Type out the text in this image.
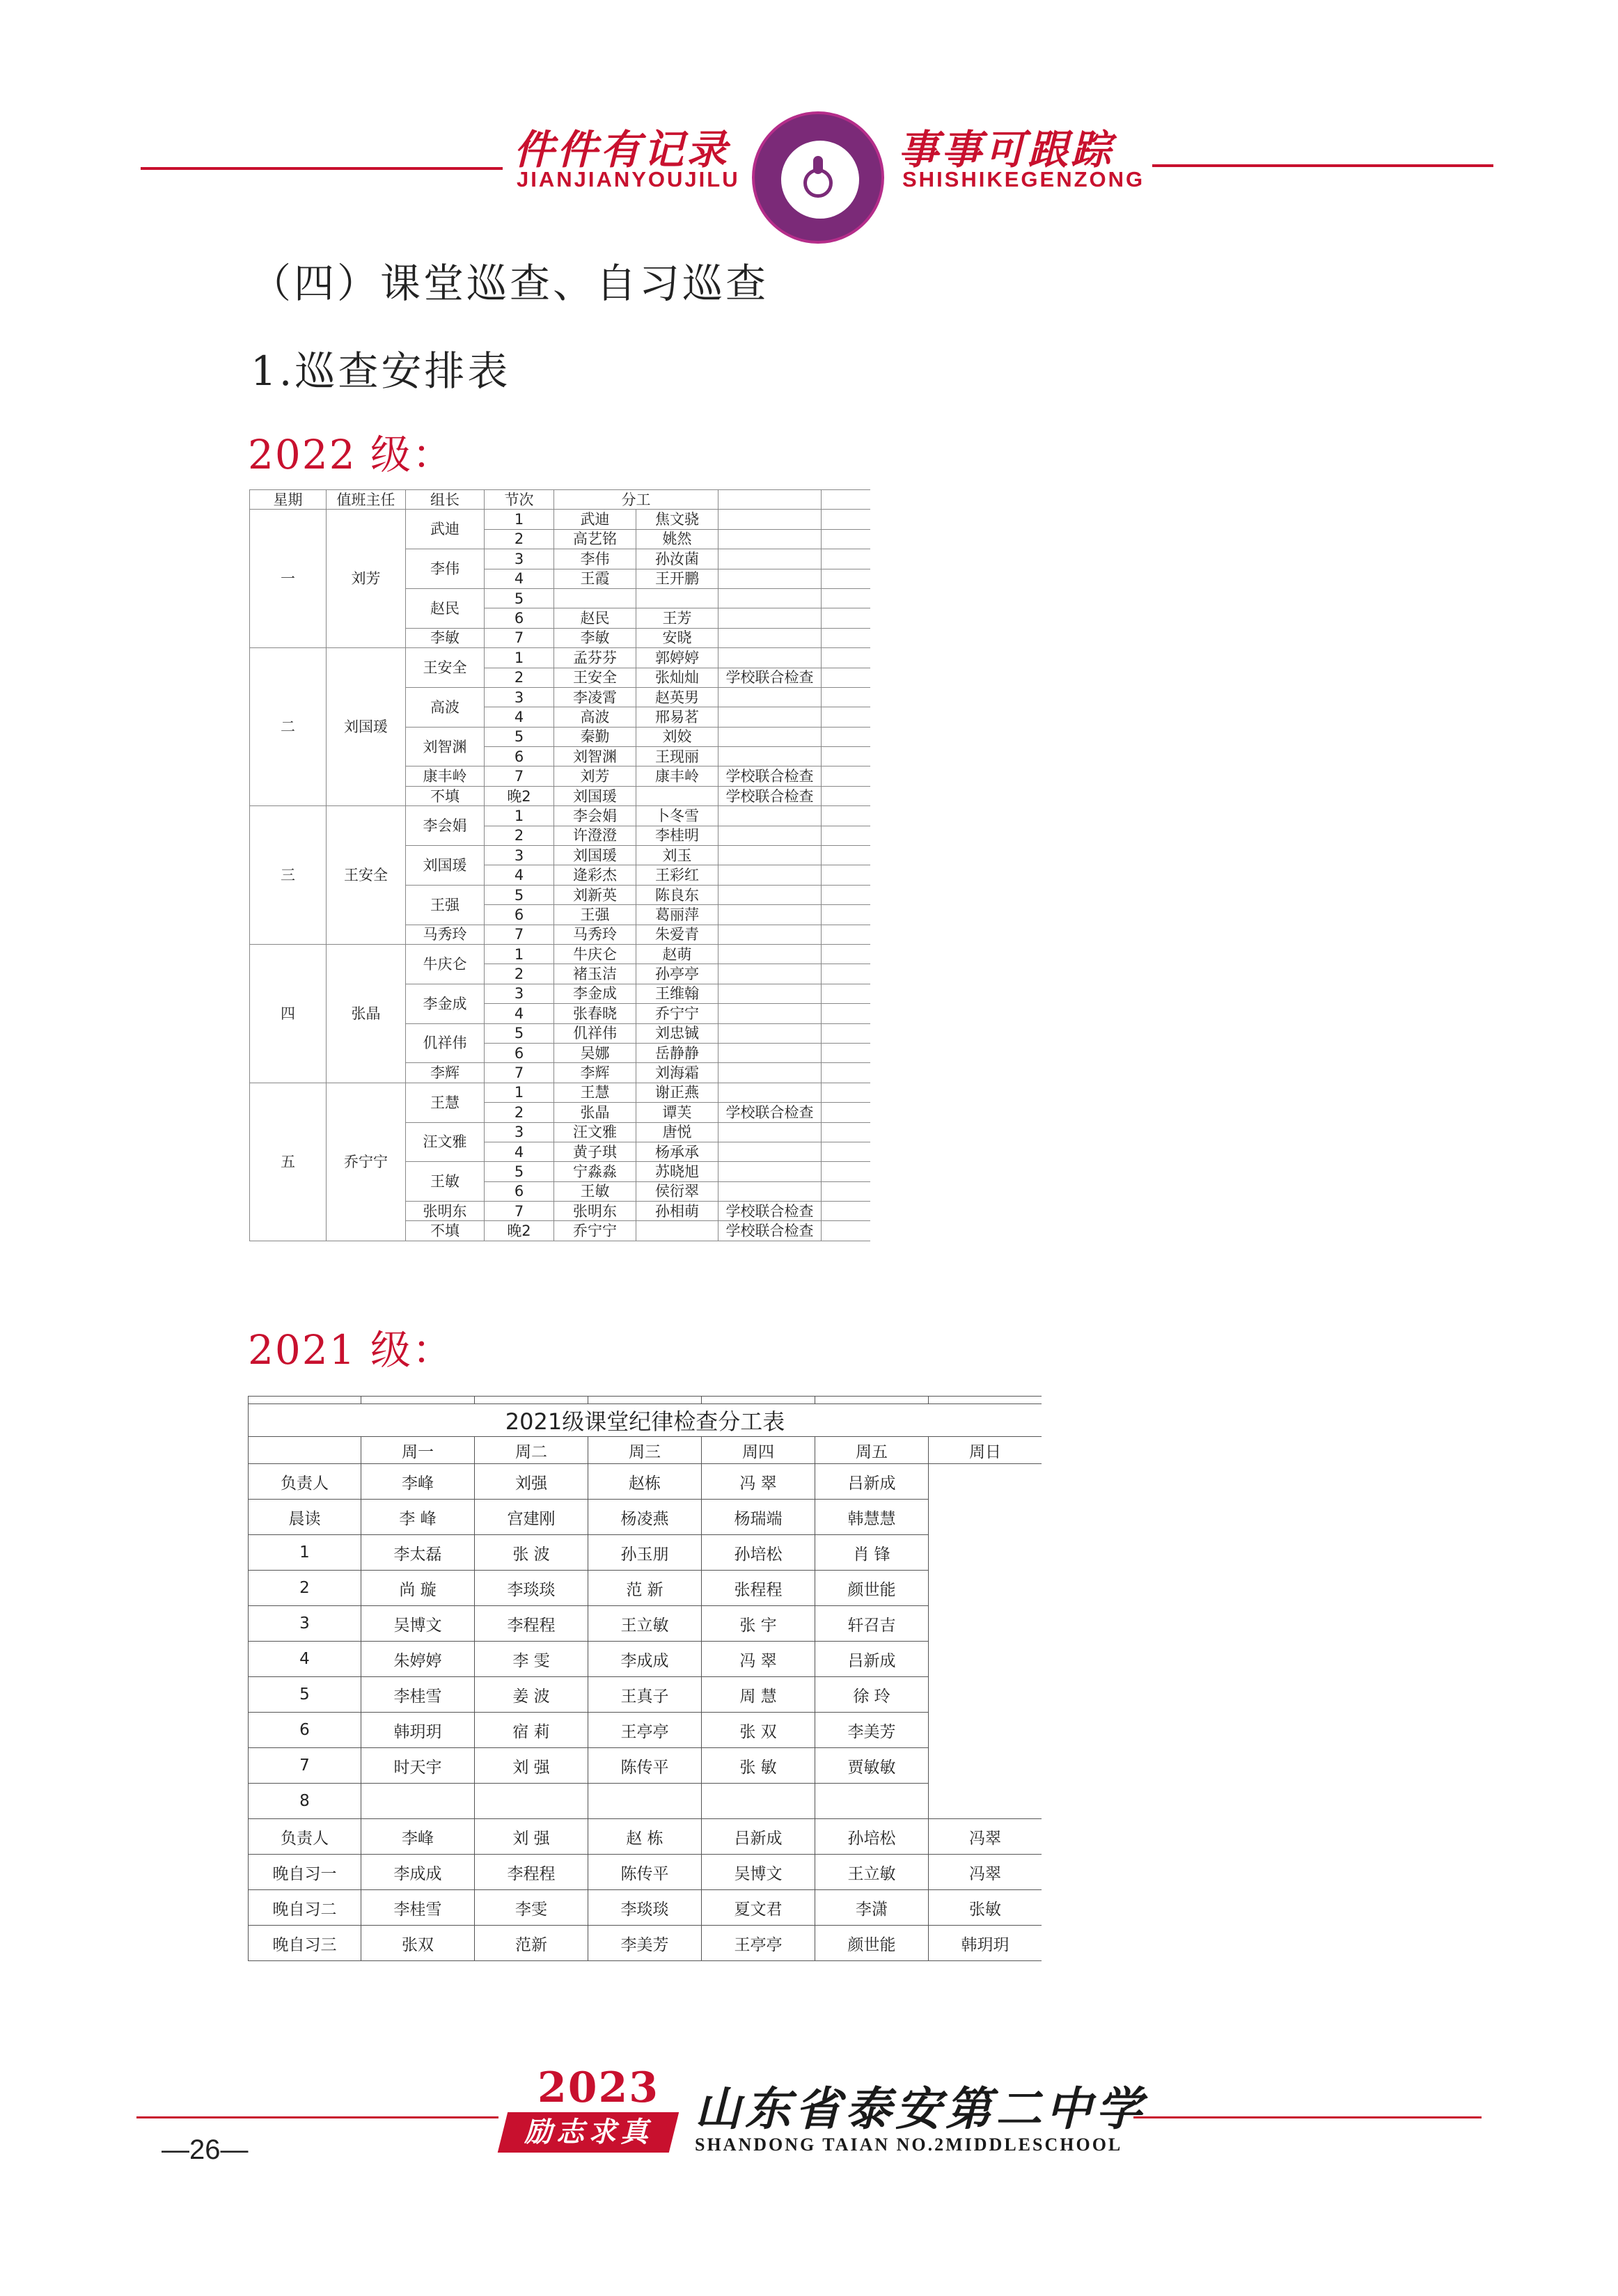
件件有记录
JIANJIANYOUJILU
事事可跟踪
SHISHIKEGENZONG
（四）课堂巡查、自习巡查
1.巡查安排表
2022 级：
星期	值班主任	组长	节次	分工			
一	刘芳	武迪	1	武迪	焦文骁		
			2	高艺铭	姚然		
		李伟	3	李伟	孙汝菌		
			4	王霞	王开鹏		
		赵民	5				
			6	赵民	王芳		
		李敏	7	李敏	安晓		
二	刘国瑗	王安全	1	孟芬芬	郭婷婷		
			2	王安全	张灿灿	学校联合检查	
		高波	3	李凌霄	赵英男		
			4	高波	邢易茗		
		刘智渊	5	秦勤	刘姣		
			6	刘智渊	王现丽		
		康丰岭	7	刘芳	康丰岭	学校联合检查	
		不填	晚2	刘国瑗		学校联合检查	
三	王安全	李会娟	1	李会娟	卜冬雪		
			2	许澄澄	李桂明		
		刘国瑗	3	刘国瑗	刘玉		
			4	逄彩杰	王彩红		
		王强	5	刘新英	陈良东		
			6	王强	葛丽萍		
		马秀玲	7	马秀玲	朱爱青		
四	张晶	牛庆仑	1	牛庆仑	赵萌		
			2	褚玉洁	孙亭亭		
		李金成	3	李金成	王维翰		
			4	张春晓	乔宁宁		
		仉祥伟	5	仉祥伟	刘忠铖		
			6	吴娜	岳静静		
		李辉	7	李辉	刘海霜		
五	乔宁宁	王慧	1	王慧	谢正燕		
			2	张晶	谭芙	学校联合检查	
		汪文雅	3	汪文雅	唐悦		
			4	黄子琪	杨承承		
		王敏	5	宁淼淼	苏晓旭		
			6	王敏	侯衍翠		
		张明东	7	张明东	孙相萌	学校联合检查	
		不填	晚2	乔宁宁		学校联合检查	
2021 级：

2021级课堂纪律检查分工表						
	周一	周二	周三	周四	周五	周日
负责人	李峰	刘强	赵栋	冯 翠	吕新成	
晨读	李 峰	宫建刚	杨凌燕	杨瑞端	韩慧慧	
1	李太磊	张 波	孙玉朋	孙培松	肖 锋	
2	尚 璇	李琰琰	范 新	张程程	颜世能	
3	吴博文	李程程	王立敏	张 宇	轩召吉	
4	朱婷婷	李 雯	李成成	冯 翠	吕新成	
5	李桂雪	姜 波	王真子	周 慧	徐 玲	
6	韩玥玥	宿 莉	王亭亭	张 双	李美芳	
7	时天宇	刘 强	陈传平	张 敏	贾敏敏	
8						
负责人	李峰	刘 强	赵 栋	吕新成	孙培松	冯翠
晚自习一	李成成	李程程	陈传平	吴博文	王立敏	冯翠
晚自习二	李桂雪	李雯	李琰琰	夏文君	李潇	张敏
晚自习三	张双	范新	李美芳	王亭亭	颜世能	韩玥玥
2023
励志求真 山东省泰安第二中学
SHANDONG TAIAN NO.2MIDDLESCHOOL
—26—
